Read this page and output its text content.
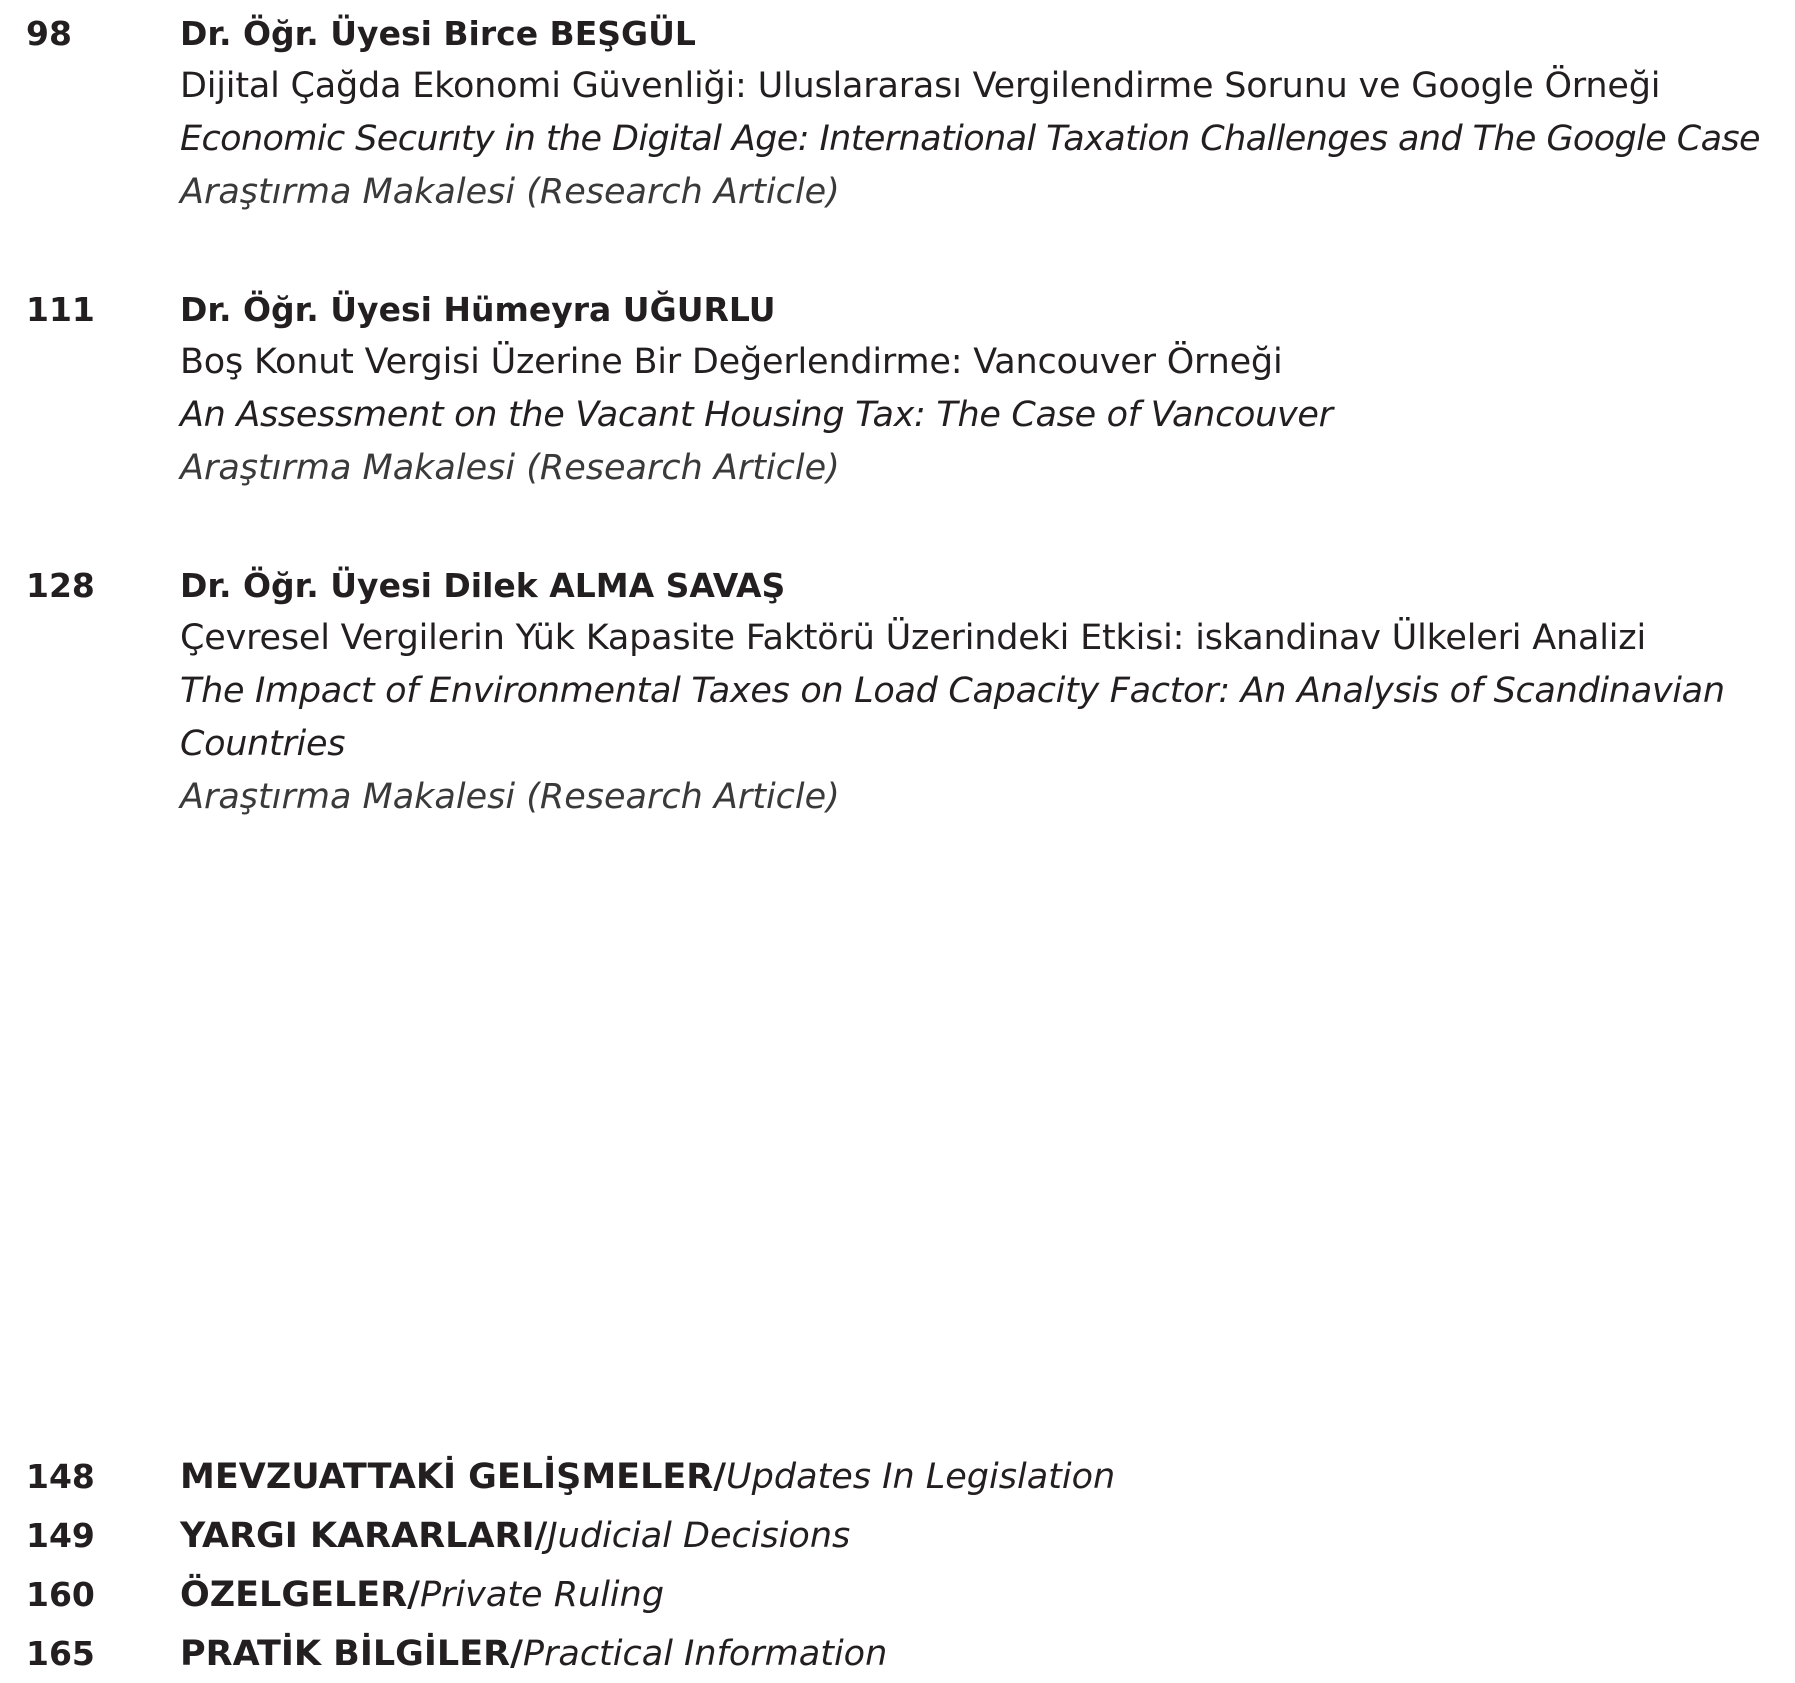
98	Dr. Öğr. Üyesi Birce BEŞGÜL
Dijital Çağda Ekonomi Güvenliği: Uluslararası Vergilendirme Sorunu ve Google Örneği
Economic Securıty in the Digital Age: International Taxation Challenges and The Google Case
Araştırma Makalesi (Research Article)
111	Dr. Öğr. Üyesi Hümeyra UĞURLU
Boş Konut Vergisi Üzerine Bir Değerlendirme: Vancouver Örneği
An Assessment on the Vacant Housing Tax: The Case of Vancouver
Araştırma Makalesi (Research Article)
128	Dr. Öğr. Üyesi Dilek ALMA SAVAŞ
Çevresel Vergilerin Yük Kapasite Faktörü Üzerindeki Etkisi: iskandinav Ülkeleri Analizi
The Impact of Environmental Taxes on Load Capacity Factor: An Analysis of Scandinavian Countries
Araştırma Makalesi (Research Article)
148 MEVZUATTAKİ GELİŞMELER/Updates In Legislation
149 YARGI KARARLARI/Judicial Decisions
160 ÖZELGELER/Private Ruling
165 PRATİK BİLGİLER/Practical Information
